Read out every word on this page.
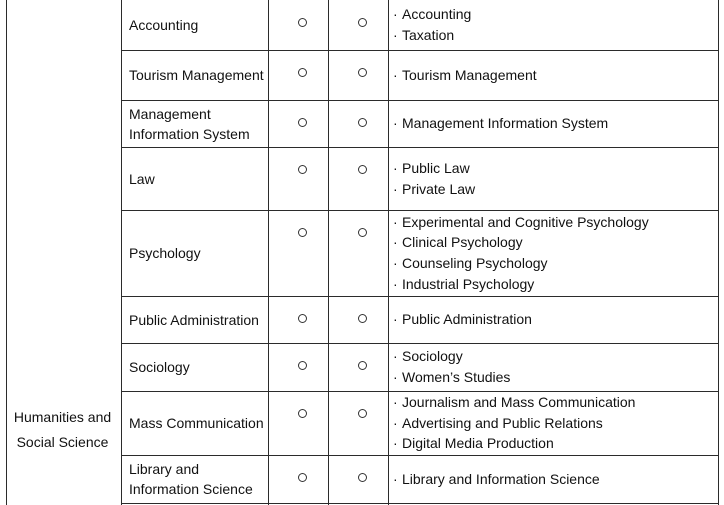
Humanities and
Social Science
Accounting
· Accounting
· Taxation
Tourism Management	· Tourism Management
Management
Information System
· Management Information System
Law
· Public Law
· Private Law
Psychology
· Experimental and Cognitive Psychology
· Clinical Psychology
· Counseling Psychology
· Industrial Psychology
Public Administration	· Public Administration
Sociology
· Sociology
· Women’s Studies
Mass Communication
· Journalism and Mass Communication
· Advertising and Public Relations
· Digital Media Production
Library and
Information Science
· Library and Information Science
